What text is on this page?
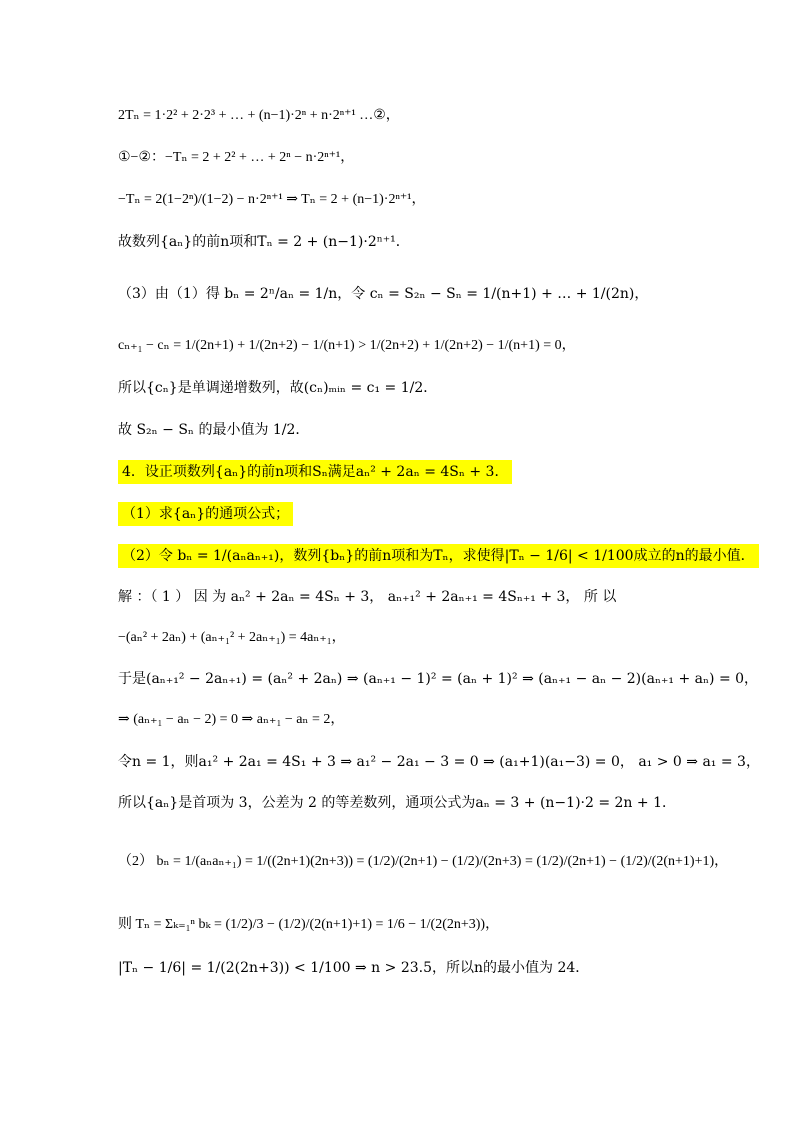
2Tₙ = 1·2² + 2·2³ + … + (n−1)·2ⁿ + n·2ⁿ⁺¹ …②，
①−②：−Tₙ = 2 + 2² + … + 2ⁿ − n·2ⁿ⁺¹，
−Tₙ = 2(1−2ⁿ)/(1−2) − n·2ⁿ⁺¹ ⇒ Tₙ = 2 + (n−1)·2ⁿ⁺¹，
故数列{aₙ}的前n项和Tₙ = 2 + (n−1)·2ⁿ⁺¹．
（3）由（1）得 bₙ = 2ⁿ/aₙ = 1/n，令 cₙ = S₂ₙ − Sₙ = 1/(n+1) + … + 1/(2n)，
cₙ₊₁ − cₙ = 1/(2n+1) + 1/(2n+2) − 1/(n+1) > 1/(2n+2) + 1/(2n+2) − 1/(n+1) = 0，
所以{cₙ}是单调递增数列，故(cₙ)ₘᵢₙ = c₁ = 1/2．
故 S₂ₙ − Sₙ 的最小值为 1/2．
4．设正项数列{aₙ}的前n项和Sₙ满足aₙ² + 2aₙ = 4Sₙ + 3．
（1）求{aₙ}的通项公式；
（2）令 bₙ = 1/(aₙaₙ₊₁)，数列{bₙ}的前n项和为Tₙ，求使得|Tₙ − 1/6| < 1/100成立的n的最小值．
解 ：（ 1 ） 因 为 aₙ² + 2aₙ = 4Sₙ + 3， aₙ₊₁² + 2aₙ₊₁ = 4Sₙ₊₁ + 3， 所 以
−(aₙ² + 2aₙ) + (aₙ₊₁² + 2aₙ₊₁) = 4aₙ₊₁，
于是(aₙ₊₁² − 2aₙ₊₁) = (aₙ² + 2aₙ) ⇒ (aₙ₊₁ − 1)² = (aₙ + 1)² ⇒ (aₙ₊₁ − aₙ − 2)(aₙ₊₁ + aₙ) = 0，
⇒ (aₙ₊₁ − aₙ − 2) = 0 ⇒ aₙ₊₁ − aₙ = 2，
令n = 1，则a₁² + 2a₁ = 4S₁ + 3 ⇒ a₁² − 2a₁ − 3 = 0 ⇒ (a₁+1)(a₁−3) = 0， a₁ > 0 ⇒ a₁ = 3，
所以{aₙ}是首项为 3，公差为 2 的等差数列，通项公式为aₙ = 3 + (n−1)·2 = 2n + 1．
（2） bₙ = 1/(aₙaₙ₊₁) = 1/((2n+1)(2n+3)) = (1/2)/(2n+1) − (1/2)/(2n+3) = (1/2)/(2n+1) − (1/2)/(2(n+1)+1)，
则 Tₙ = Σₖ₌₁ⁿ bₖ = (1/2)/3 − (1/2)/(2(n+1)+1) = 1/6 − 1/(2(2n+3))，
|Tₙ − 1/6| = 1/(2(2n+3)) < 1/100 ⇒ n > 23.5，所以n的最小值为 24．
